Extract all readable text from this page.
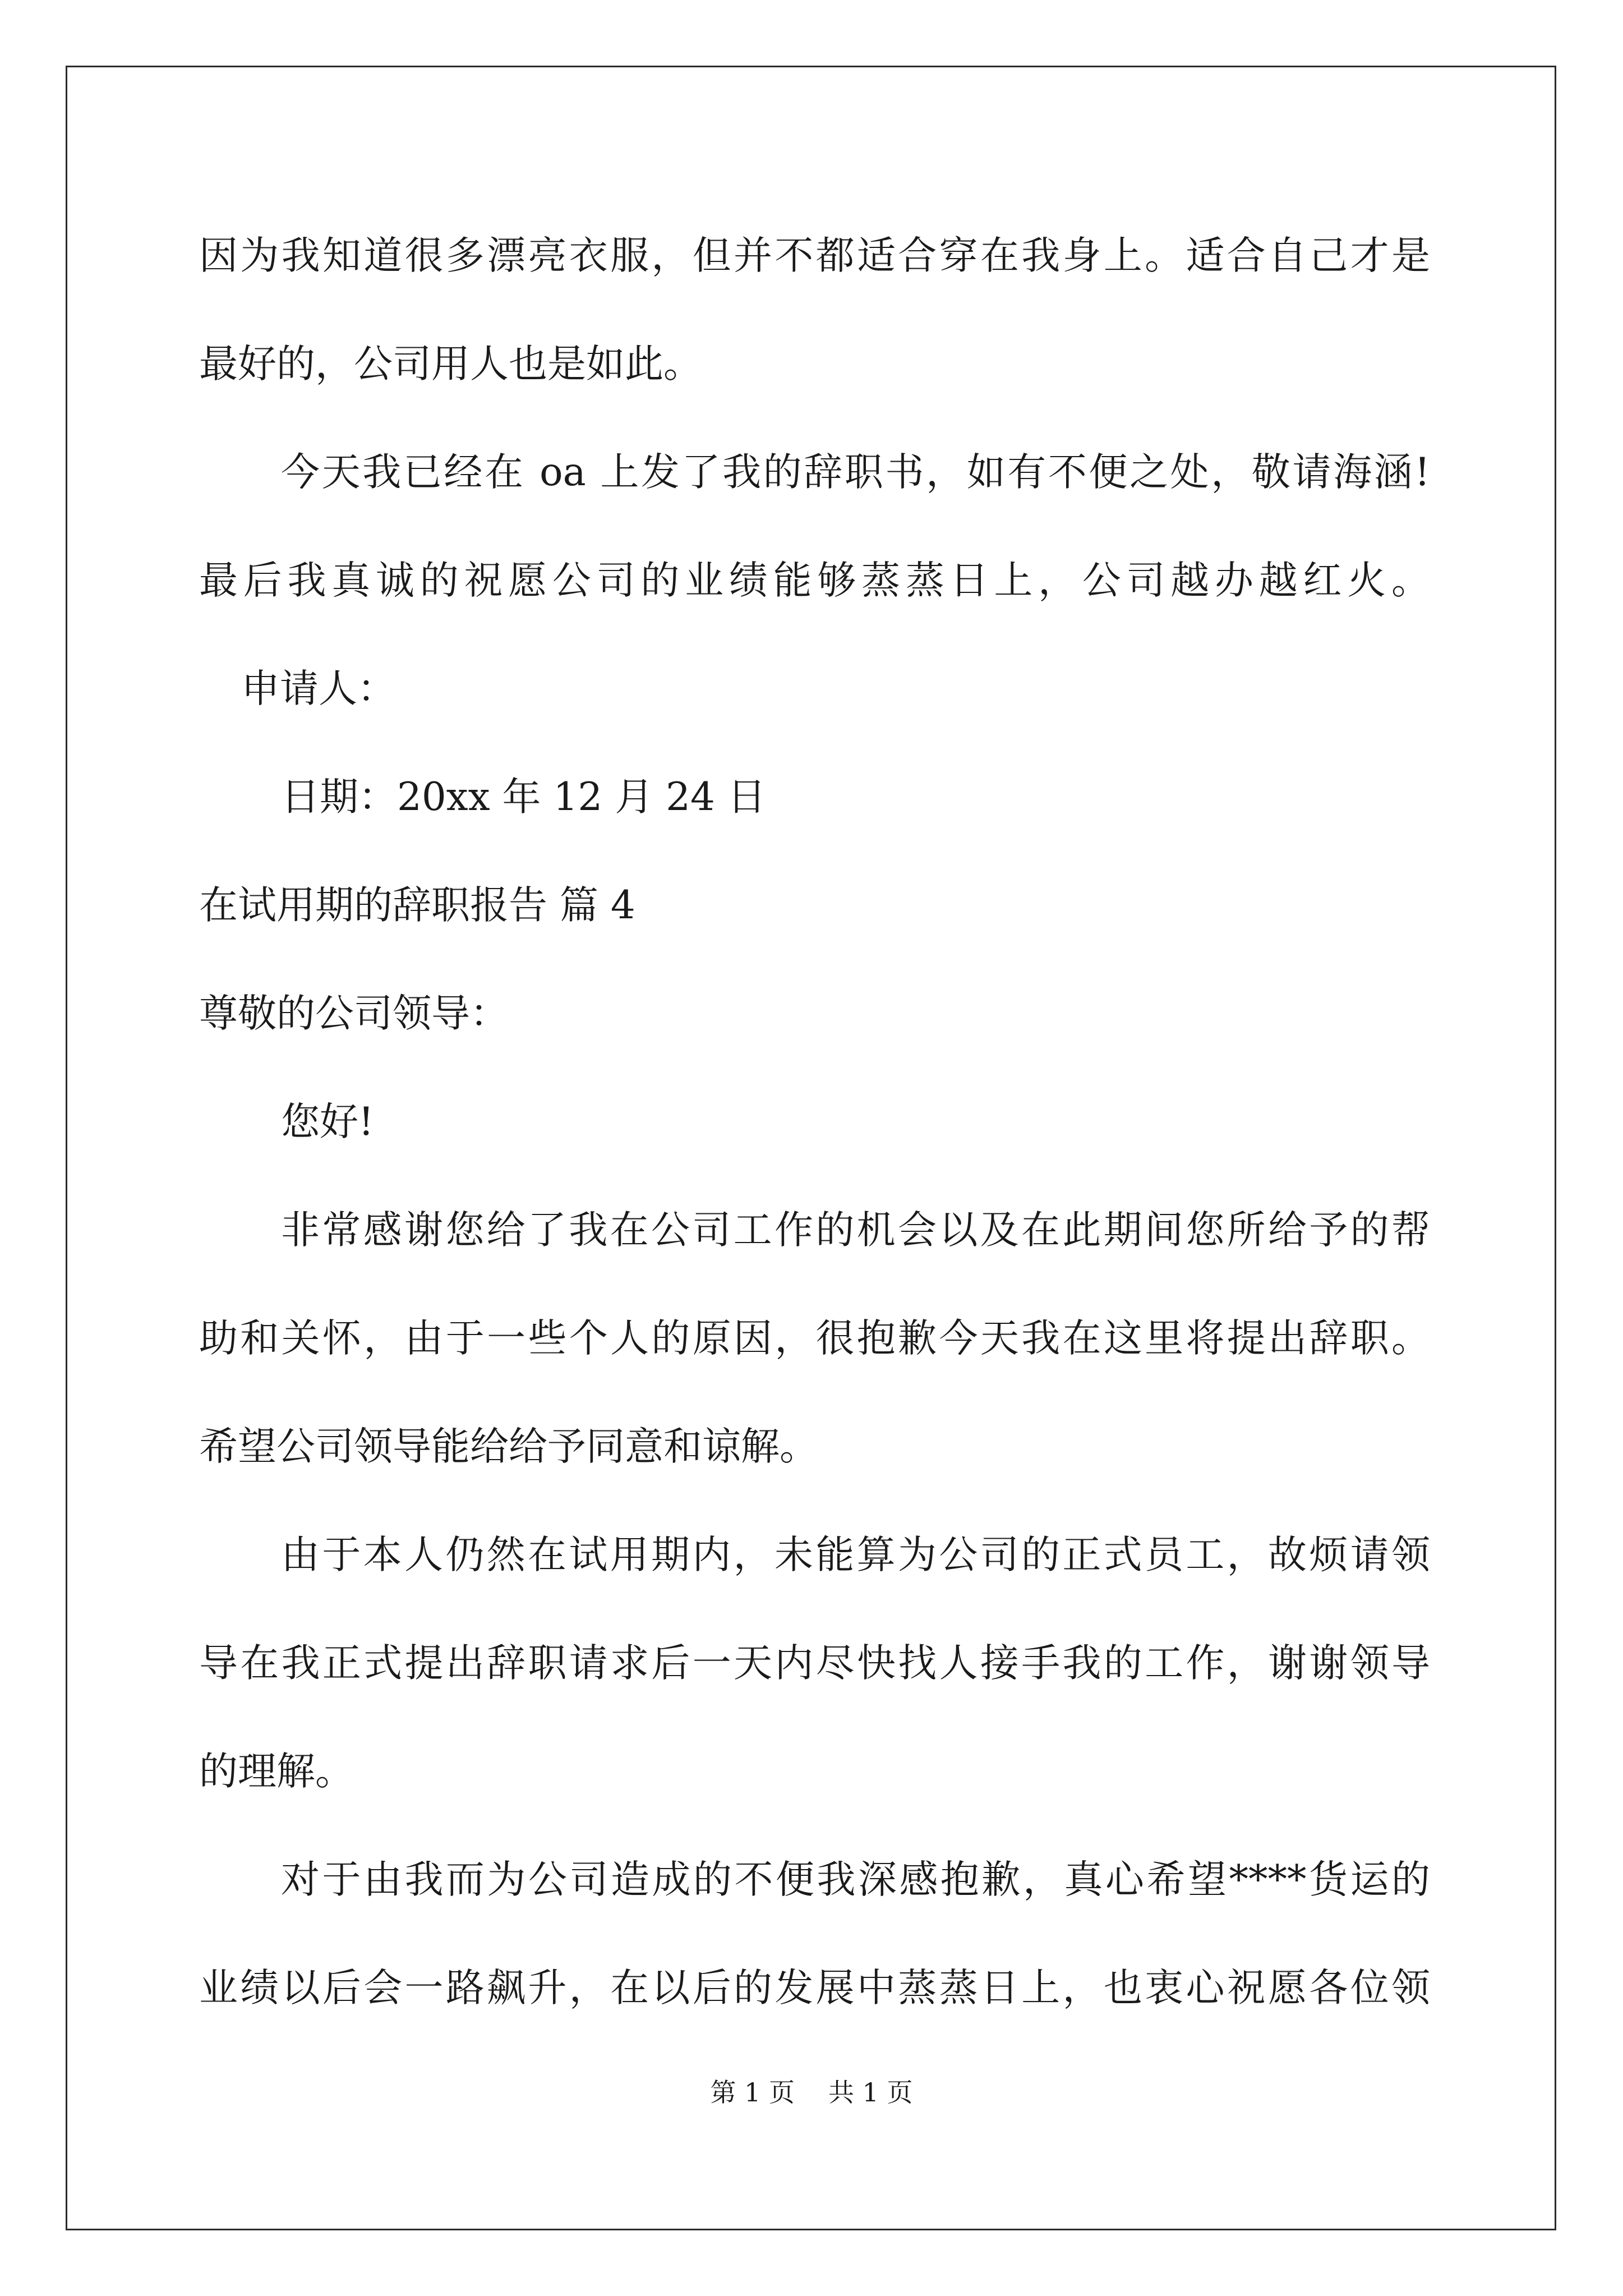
因为我知道很多漂亮衣服，但并不都适合穿在我身上。适合自己才是
最好的，公司用人也是如此。
今天我已经在 oa 上发了我的辞职书，如有不便之处，敬请海涵!
最后我真诚的祝愿公司的业绩能够蒸蒸日上，公司越办越红火。
申请人：
日期：20xx 年 12 月 24 日
在试用期的辞职报告 篇 4
尊敬的公司领导：
您好!
非常感谢您给了我在公司工作的机会以及在此期间您所给予的帮
助和关怀，由于一些个人的原因，很抱歉今天我在这里将提出辞职。
希望公司领导能给给予同意和谅解。
由于本人仍然在试用期内，未能算为公司的正式员工，故烦请领
导在我正式提出辞职请求后一天内尽快找人接手我的工作，谢谢领导
的理解。
对于由我而为公司造成的不便我深感抱歉，真心希望****货运的
业绩以后会一路飙升，在以后的发展中蒸蒸日上，也衷心祝愿各位领
第 1 页 共 1 页
